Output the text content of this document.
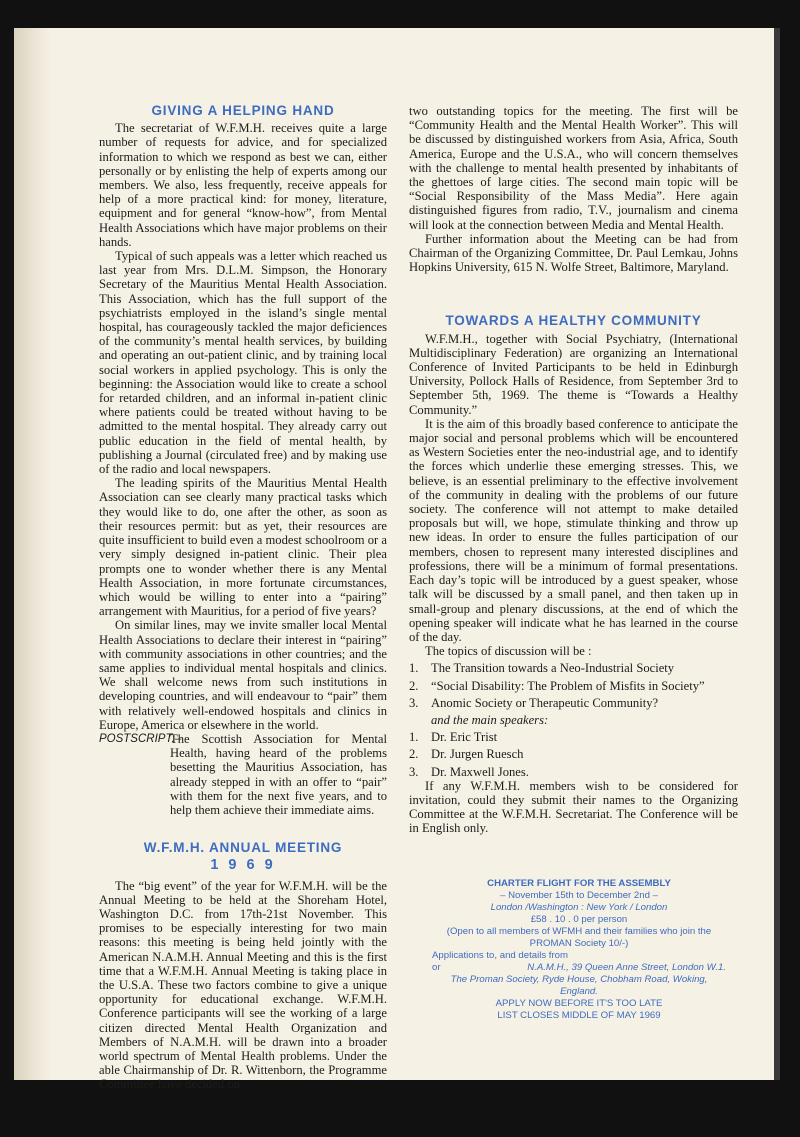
GIVING A HELPING HAND

The secretariat of W.F.M.H. receives quite a large number of requests for advice, and for specialized information to which we respond as best we can, either personally or by enlisting the help of experts among our members. We also, less frequently, receive appeals for help of a more practical kind: for money, literature, equipment and for general “know-how”, from Mental Health Associations which have major problems on their hands.

Typical of such appeals was a letter which reached us last year from Mrs. D.L.M. Simpson, the Honorary Secretary of the Mauritius Mental Health Association. This Association, which has the full support of the psychiatrists employed in the island’s single mental hospital, has courageously tackled the major deficiences of the community’s mental health services, by building and operating an out-patient clinic, and by training local social workers in applied psychology. This is only the beginning: the Association would like to create a school for retarded children, and an informal in-patient clinic where patients could be treated without having to be admitted to the mental hospital. They already carry out public education in the field of mental health, by publishing a Journal (circulated free) and by making use of the radio and local newspapers.

The leading spirits of the Mauritius Mental Health Association can see clearly many practical tasks which they would like to do, one after the other, as soon as their resources permit: but as yet, their resources are quite insufficient to build even a modest schoolroom or a very simply designed in-patient clinic. Their plea prompts one to wonder whether there is any Mental Health Association, in more fortunate circumstances, which would be willing to enter into a “pairing” arrangement with Mauritius, for a period of five years?

On similar lines, may we invite smaller local Mental Health Associations to declare their interest in “pairing” with community associations in other countries; and the same applies to individual mental hospitals and clinics. We shall welcome news from such institutions in developing countries, and will endeavour to “pair” them with relatively well-endowed hospitals and clinics in Europe, America or elsewhere in the world.

POSTSCRIPT:–
The Scottish Association for Mental Health, having heard of the problems besetting the Mauritius Association, has already stepped in with an offer to “pair” with them for the next five years, and to help them achieve their immediate aims.
W.F.M.H. ANNUAL MEETING
1 9 6 9

The “big event” of the year for W.F.M.H. will be the Annual Meeting to be held at the Shoreham Hotel, Washington D.C. from 17th-21st November. This promises to be especially interesting for two main reasons: this meeting is being held jointly with the American N.A.M.H. Annual Meeting and this is the first time that a W.F.M.H. Annual Meeting is taking place in the U.S.A. These two factors combine to give a unique opportunity for educational exchange. W.F.M.H. Conference participants will see the working of a large citizen directed Mental Health Organization and Members of N.A.M.H. will be drawn into a broader world spectrum of Mental Health problems. Under the able Chairmanship of Dr. R. Wittenborn, the Programme Committee have decided on

two outstanding topics for the meeting. The first will be “Community Health and the Mental Health Worker”. This will be discussed by distinguished workers from Asia, Africa, South America, Europe and the U.S.A., who will concern themselves with the challenge to mental health presented by inhabitants of the ghettoes of large cities. The second main topic will be “Social Responsibility of the Mass Media”. Here again distinguished figures from radio, T.V., journalism and cinema will look at the connection between Media and Mental Health.

Further information about the Meeting can be had from Chairman of the Organizing Committee, Dr. Paul Lemkau, Johns Hopkins University, 615 N. Wolfe Street, Baltimore, Maryland.

TOWARDS A HEALTHY COMMUNITY

W.F.M.H., together with Social Psychiatry, (International Multidisciplinary Federation) are organizing an International Conference of Invited Participants to be held in Edinburgh University, Pollock Halls of Residence, from September 3rd to September 5th, 1969. The theme is “Towards a Healthy Community.”

It is the aim of this broadly based conference to anticipate the major social and personal problems which will be encountered as Western Societies enter the neo-industrial age, and to identify the forces which underlie these emerging stresses. This, we believe, is an essential preliminary to the effective involvement of the community in dealing with the problems of our future society. The conference will not attempt to make detailed proposals but will, we hope, stimulate thinking and throw up new ideas. In order to ensure the fulles participation of our members, chosen to represent many interested disciplines and professions, there will be a minimum of formal presentations. Each day’s topic will be introduced by a guest speaker, whose talk will be discussed by a small panel, and then taken up in small-group and plenary discussions, at the end of which the opening speaker will indicate what he has learned in the course of the day.

The topics of discussion will be :

1. The Transition towards a Neo-Industrial Society
2. “Social Disability: The Problem of Misfits in Society”
3. Anomic Society or Therapeutic Community?
and the main speakers:
1. Dr. Eric Trist
2. Dr. Jurgen Ruesch
3. Dr. Maxwell Jones.

If any W.F.M.H. members wish to be considered for invitation, could they submit their names to the Organizing Committee at the W.F.M.H. Secretariat. The Conference will be in English only.

CHARTER FLIGHT FOR THE ASSEMBLY
– November 15th to December 2nd –
London /Washington : New York / London
£58 . 10 . 0 per person
(Open to all members of WFMH and their families who join the PROMAN Society 10/-)
Applications to, and details from
or	N.A.M.H., 39 Queen Anne Street, London W.1.
The Proman Society, Ryde House, Chobham Road, Woking, England.
APPLY NOW BEFORE IT'S TOO LATE
LIST CLOSES MIDDLE OF MAY 1969
